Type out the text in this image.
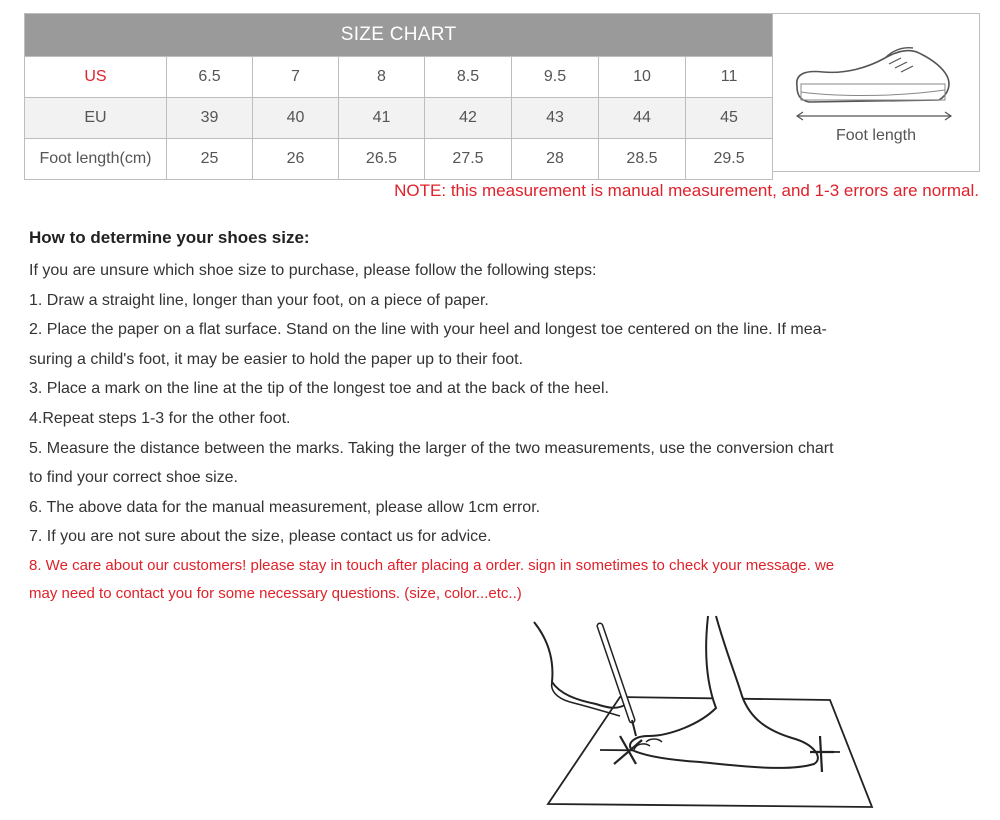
SIZE CHART							
US	6.5	7	8	8.5	9.5	10	11
EU	39	40	41	42	43	44	45
Foot length(cm)	25	26	26.5	27.5	28	28.5	29.5
Foot length
NOTE: this measurement is manual measurement, and 1-3 errors are normal.
How to determine your shoes size:

If you are unsure which shoe size to purchase, please follow the following steps:

1. Draw a straight line, longer than your foot, on a piece of paper.

2. Place the paper on a flat surface. Stand on the line with your heel and longest toe centered on the line. If mea-

suring a child's foot, it may be easier to hold the paper up to their foot.

3. Place a mark on the line at the tip of the longest toe and at the back of the heel.

4.Repeat steps 1-3 for the other foot.

5. Measure the distance between the marks. Taking the larger of the two measurements, use the conversion chart

to find your correct shoe size.

6. The above data for the manual measurement, please allow 1cm error.

7. If you are not sure about the size, please contact us for advice.

8. We care about our customers! please stay in touch after placing a order. sign in sometimes to check your message. we

may need to contact you for some necessary questions. (size, color...etc..)
